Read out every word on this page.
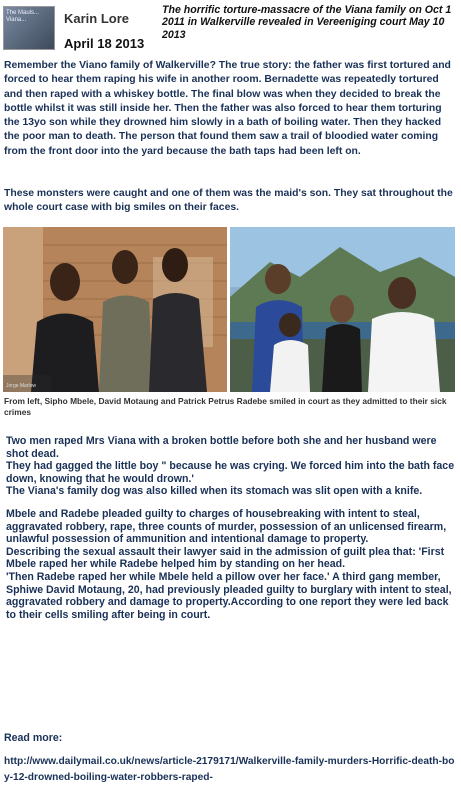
The Mauls... Viana...	Karin Lore
April 18 2013
The horrific torture-massacre of the Viana family on Oct 1 2011 in Walkerville revealed in Vereeniging court May 10 2013

Remember the Viano family of Walkerville? The true story: the father was first tortured and forced to hear them raping his wife in another room. Bernadette was repeatedly tortured and then raped with a whiskey bottle. The final blow was when they decided to break the bottle whilst it was still inside her. Then the father was also forced to hear them torturing the 13yo son while they drowned him slowly in a bath of boiling water. Then they hacked the poor man to death. The person that found them saw a trail of bloodied water coming from the front door into the yard because the bath taps had been left on.

These monsters were caught and one of them was the maid's son. They sat throughout the whole court case with big smiles on their faces.

Jorge Marlow
From left, Sipho Mbele, David Motaung and Patrick Petrus Radebe smiled in court as they admitted to their sick crimes

Two men raped Mrs Viana with a broken bottle before both she and her husband were shot dead.

They had gagged the little boy " because he was crying. We forced him into the bath face down, knowing that he would drown.'

The Viana's family dog was also killed when its stomach was slit open with a knife.

Mbele and Radebe pleaded guilty to charges of housebreaking with intent to steal, aggravated robbery, rape, three counts of murder, possession of an unlicensed firearm, unlawful possession of ammunition and intentional damage to property.

Describing the sexual assault their lawyer said in the admission of guilt plea that: 'First Mbele raped her while Radebe helped him by standing on her head.

'Then Radebe raped her while Mbele held a pillow over her face.' A third gang member, Sphiwe David Motaung, 20, had previously pleaded guilty to burglary with intent to steal, aggravated robbery and damage to property.According to one report they were led back to their cells smiling after being in court.

Read more:
http://www.dailymail.co.uk/news/article-2179171/Walkerville-family-murders-Horrific-death-boy-12-drowned-boiling-water-robbers-raped-
